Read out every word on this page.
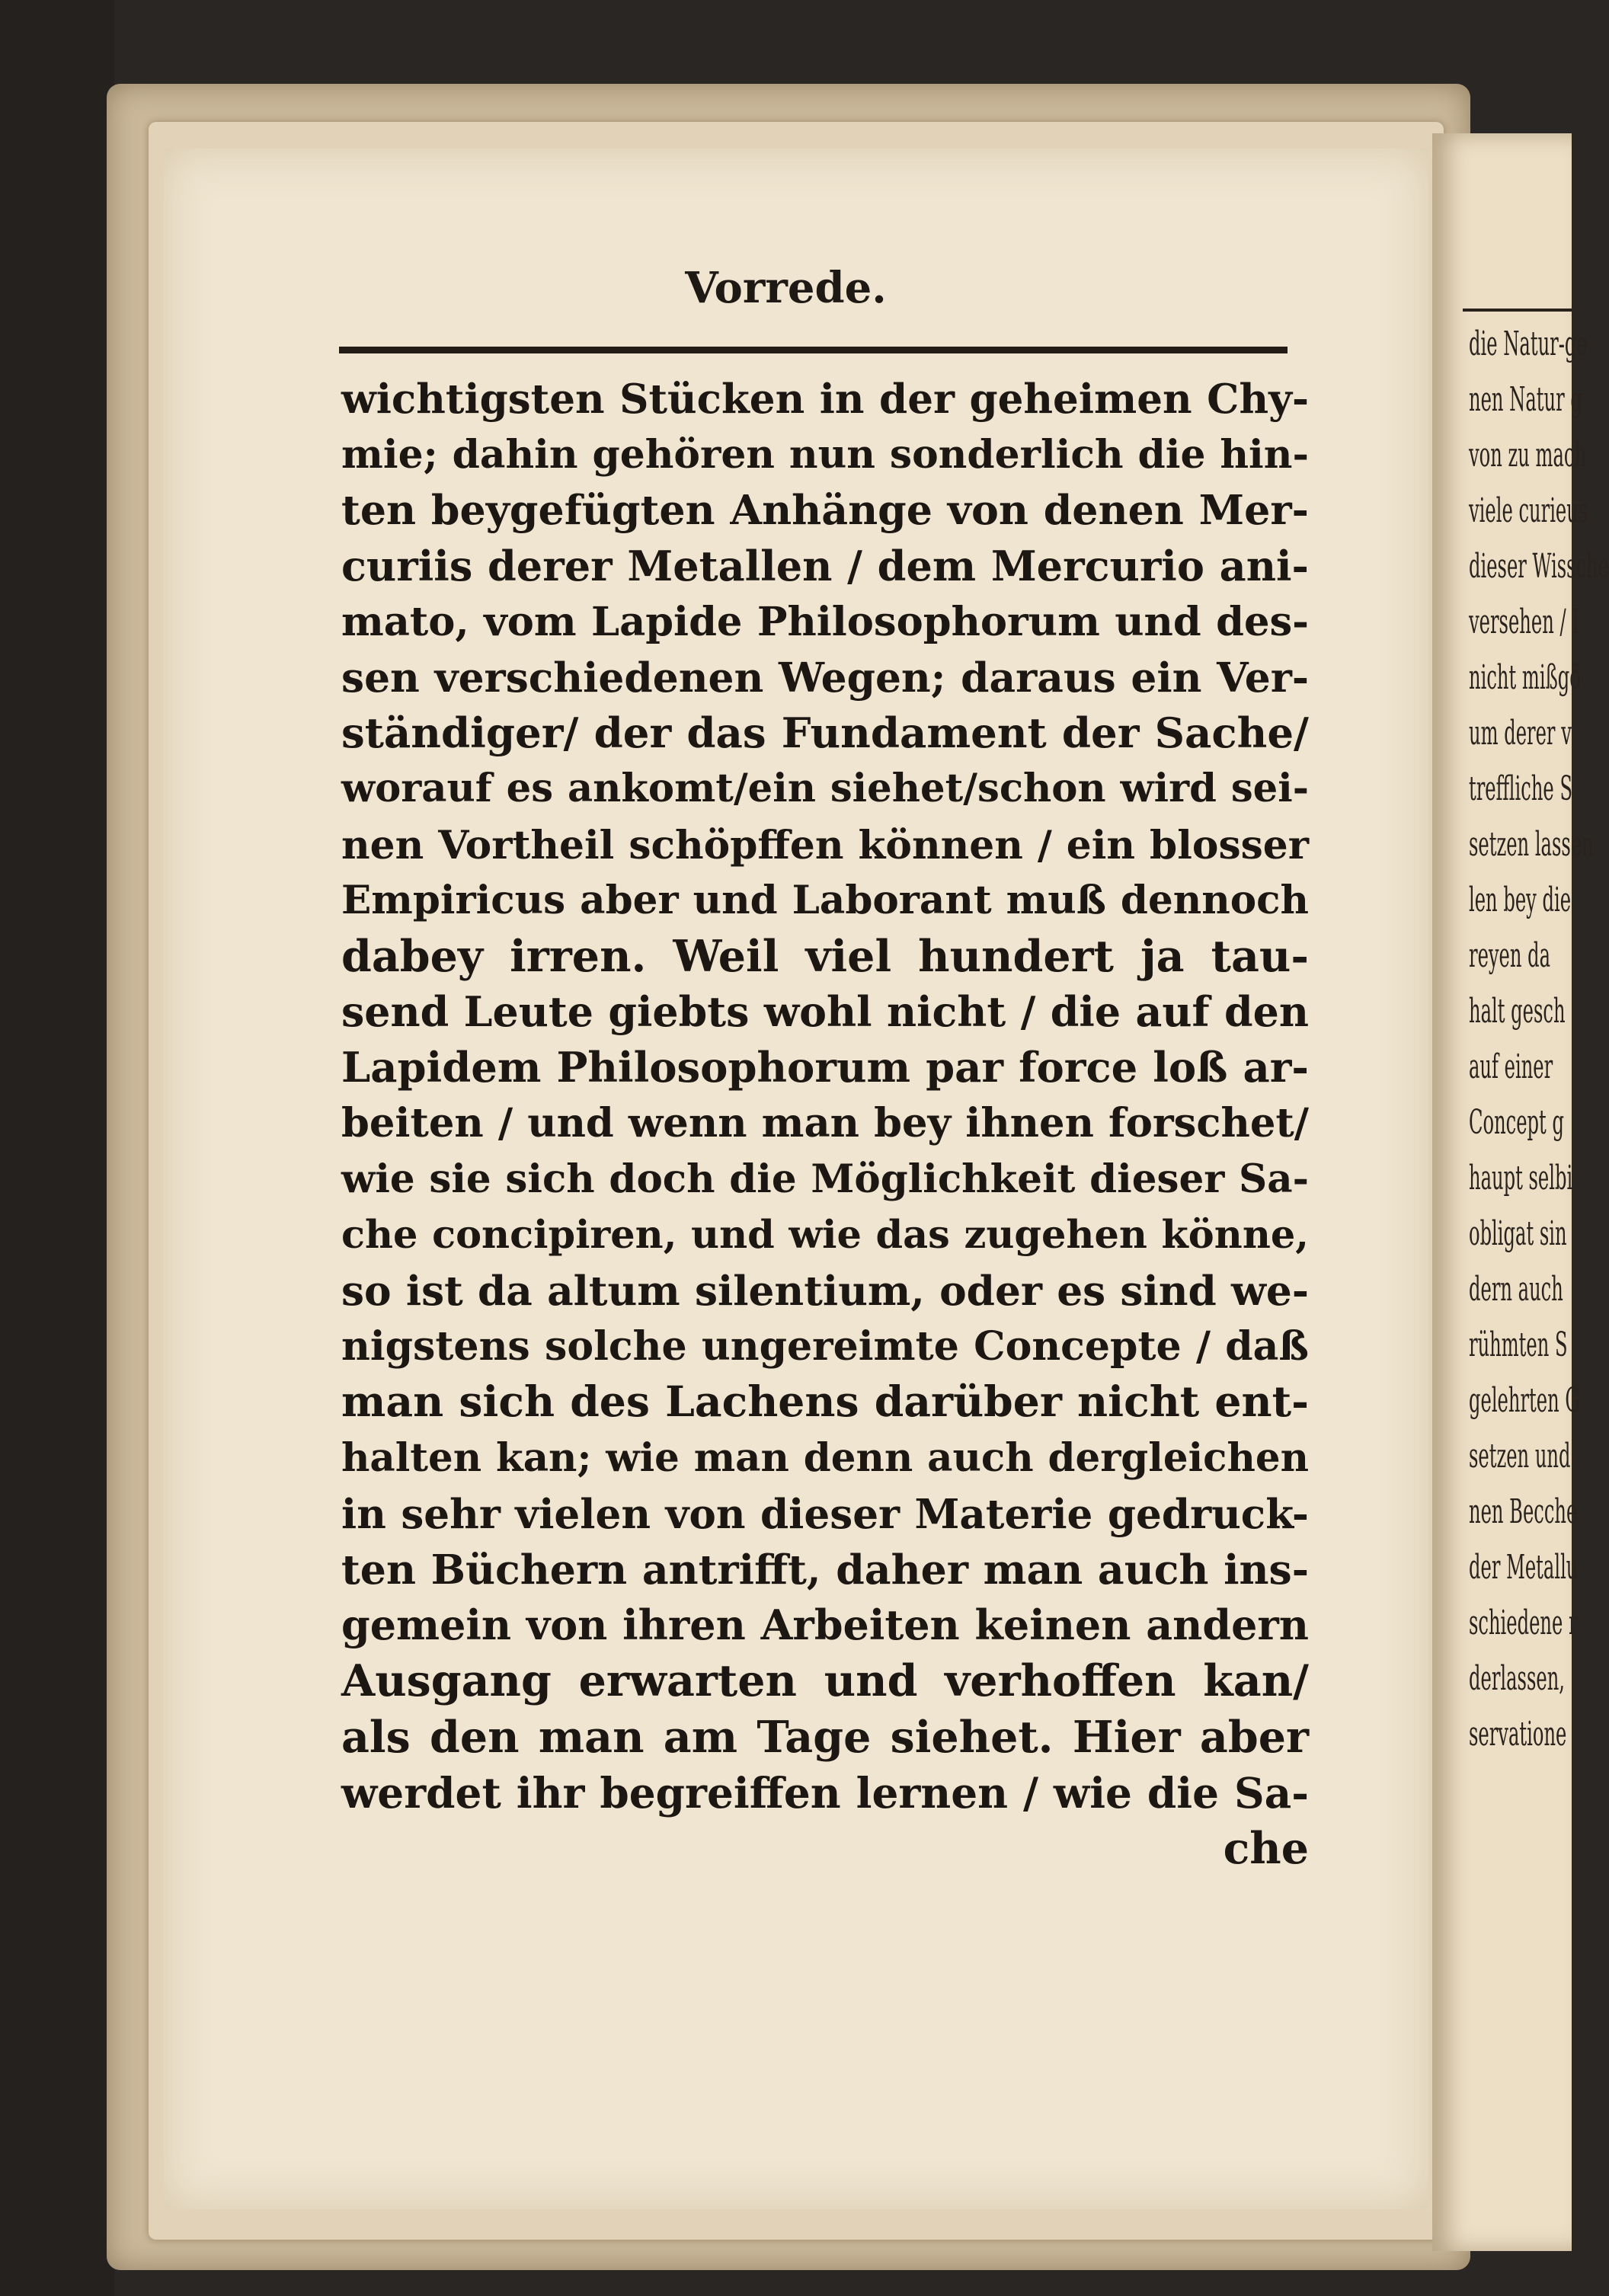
die Natur-ge
nen Natur g
von zu mach
viele curieus
dieser Wissche
versehen / I
nicht mißgö
um derer v
treffliche S
setzen lassen
len bey die
reyen da
halt gesch
auf einer
Concept g
haupt selbi
obligat sin
dern auch
rühmten S
gelehrten G
setzen und
nen Becche
der Metallu
schiedene r
derlassen,
servatione
Vorrede.
wichtigsten Stücken in der geheimen Chy-
mie; dahin gehören nun sonderlich die hin-
ten beygefügten Anhänge von denen Mer-
curiis derer Metallen / dem Mercurio ani-
mato, vom Lapide Philosophorum und des-
sen verschiedenen Wegen; daraus ein Ver-
ständiger/ der das Fundament der Sache/
worauf es ankomt/ein siehet/schon wird sei-
nen Vortheil schöpffen können / ein blosser
Empiricus aber und Laborant muß dennoch
dabey irren. Weil viel hundert ja tau-
send Leute giebts wohl nicht / die auf den
Lapidem Philosophorum par force loß ar-
beiten / und wenn man bey ihnen forschet/
wie sie sich doch die Möglichkeit dieser Sa-
che concipiren, und wie das zugehen könne,
so ist da altum silentium, oder es sind we-
nigstens solche ungereimte Concepte / daß
man sich des Lachens darüber nicht ent-
halten kan; wie man denn auch dergleichen
in sehr vielen von dieser Materie gedruck-
ten Büchern antrifft, daher man auch ins-
gemein von ihren Arbeiten keinen andern
Ausgang erwarten und verhoffen kan/
als den man am Tage siehet. Hier aber
werdet ihr begreiffen lernen / wie die Sa-
che
